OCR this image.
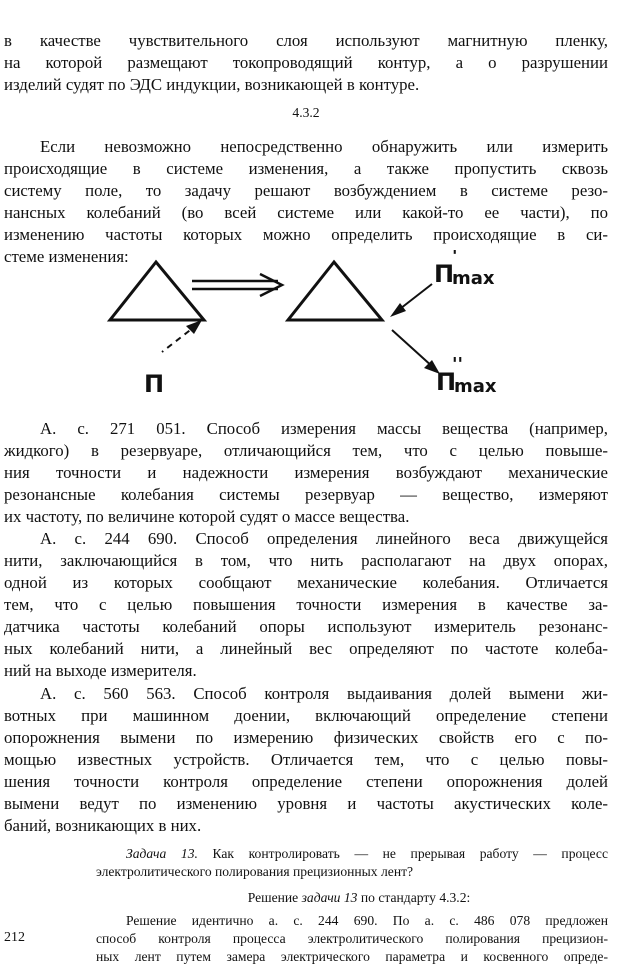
в качестве чувствительного слоя используют магнитную пленку,
на которой размещают токопроводящий контур, а о разрушении
изделий судят по ЭДС индукции, возникающей в контуре.
4.3.2
Если невозможно непосредственно обнаружить или измерить
происходящие в системе изменения, а также пропустить сквозь
систему поле, то задачу решают возбуждением в системе резо-
нансных колебаний (во всей системе или какой-то ее части), по
изменению частоты которых можно определить происходящие в си-
стеме изменения:
П
П
'
max
П
''
max
А. с. 271 051. Способ измерения массы вещества (например,
жидкого) в резервуаре, отличающийся тем, что с целью повыше-
ния точности и надежности измерения возбуждают механические
резонансные колебания системы резервуар — вещество, измеряют
их частоту, по величине которой судят о массе вещества.
А. с. 244 690. Способ определения линейного веса движущейся
нити, заключающийся в том, что нить располагают на двух опорах,
одной из которых сообщают механические колебания. Отличается
тем, что с целью повышения точности измерения в качестве за-
датчика частоты колебаний опоры используют измеритель резонанс-
ных колебаний нити, а линейный вес определяют по частоте колеба-
ний на выходе измерителя.
А. с. 560 563. Способ контроля выдаивания долей вымени жи-
вотных при машинном доении, включающий определение степени
опорожнения вымени по измерению физических свойств его с по-
мощью известных устройств. Отличается тем, что с целью повы-
шения точности контроля определение степени опорожнения долей
вымени ведут по изменению уровня и частоты акустических коле-
баний, возникающих в них.
Задача 13. Как контролировать — не прерывая работу — процесс
электролитического полирования прецизионных лент?
Решение задачи 13 по стандарту 4.3.2:
Решение идентично а. с. 244 690. По а. с. 486 078 предложен
способ контроля процесса электролитического полирования прецизион-
ных лент путем замера электрического параметра и косвенного опреде-
212
